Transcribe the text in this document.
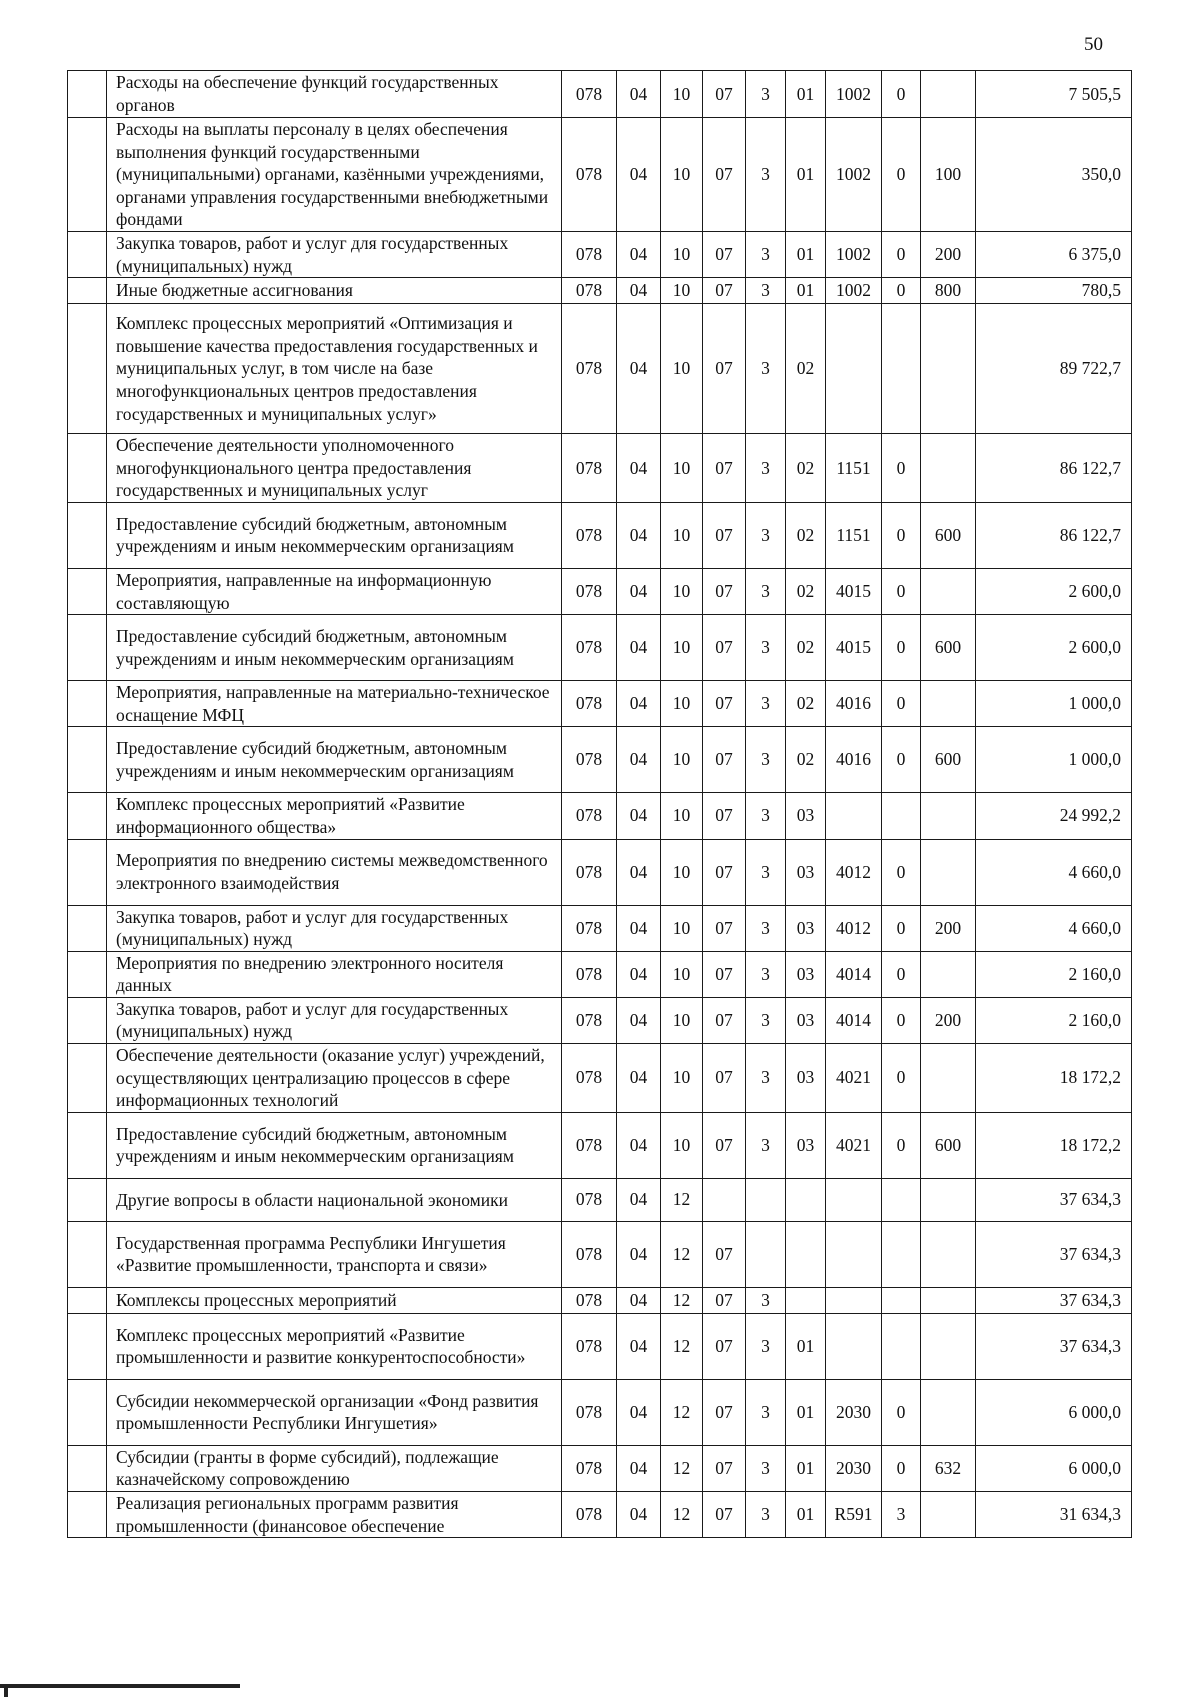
50
	Расходы на обеспечение функций государственных органов	078	04	10	07	3	01	1002	0		7 505,5
	Расходы на выплаты персоналу в целях обеспечения выполнения функций государственными (муниципальными) органами, казёнными учреждениями, органами управления государственными внебюджетными фондами	078	04	10	07	3	01	1002	0	100	350,0
	Закупка товаров, работ и услуг для государственных (муниципальных) нужд	078	04	10	07	3	01	1002	0	200	6 375,0
	Иные бюджетные ассигнования	078	04	10	07	3	01	1002	0	800	780,5
	Комплекс процессных мероприятий «Оптимизация и повышение качества предоставления государственных и муниципальных услуг, в том числе на базе многофункциональных центров предоставления государственных и муниципальных услуг»	078	04	10	07	3	02				89 722,7
	Обеспечение деятельности уполномоченного многофункционального центра предоставления государственных и муниципальных услуг	078	04	10	07	3	02	1151	0		86 122,7
	Предоставление субсидий бюджетным, автономным учреждениям и иным некоммерческим организациям	078	04	10	07	3	02	1151	0	600	86 122,7
	Мероприятия, направленные на информационную составляющую	078	04	10	07	3	02	4015	0		2 600,0
	Предоставление субсидий бюджетным, автономным учреждениям и иным некоммерческим организациям	078	04	10	07	3	02	4015	0	600	2 600,0
	Мероприятия, направленные на материально-техническое оснащение МФЦ	078	04	10	07	3	02	4016	0		1 000,0
	Предоставление субсидий бюджетным, автономным учреждениям и иным некоммерческим организациям	078	04	10	07	3	02	4016	0	600	1 000,0
	Комплекс процессных мероприятий «Развитие информационного общества»	078	04	10	07	3	03				24 992,2
	Мероприятия по внедрению системы межведомственного электронного взаимодействия	078	04	10	07	3	03	4012	0		4 660,0
	Закупка товаров, работ и услуг для государственных (муниципальных) нужд	078	04	10	07	3	03	4012	0	200	4 660,0
	Мероприятия по внедрению электронного носителя данных	078	04	10	07	3	03	4014	0		2 160,0
	Закупка товаров, работ и услуг для государственных (муниципальных) нужд	078	04	10	07	3	03	4014	0	200	2 160,0
	Обеспечение деятельности (оказание услуг) учреждений, осуществляющих централизацию процессов в сфере информационных технологий	078	04	10	07	3	03	4021	0		18 172,2
	Предоставление субсидий бюджетным, автономным учреждениям и иным некоммерческим организациям	078	04	10	07	3	03	4021	0	600	18 172,2
	Другие вопросы в области национальной экономики	078	04	12							37 634,3
	Государственная программа Республики Ингушетия «Развитие промышленности, транспорта и связи»	078	04	12	07						37 634,3
	Комплексы процессных мероприятий	078	04	12	07	3					37 634,3
	Комплекс процессных мероприятий «Развитие промышленности и развитие конкурентоспособности»	078	04	12	07	3	01				37 634,3
	Субсидии некоммерческой организации «Фонд развития промышленности Республики Ингушетия»	078	04	12	07	3	01	2030	0		6 000,0
	Субсидии (гранты в форме субсидий), подлежащие казначейскому сопровождению	078	04	12	07	3	01	2030	0	632	6 000,0
	Реализация региональных программ развития промышленности (финансовое обеспечение	078	04	12	07	3	01	R591	3		31 634,3
